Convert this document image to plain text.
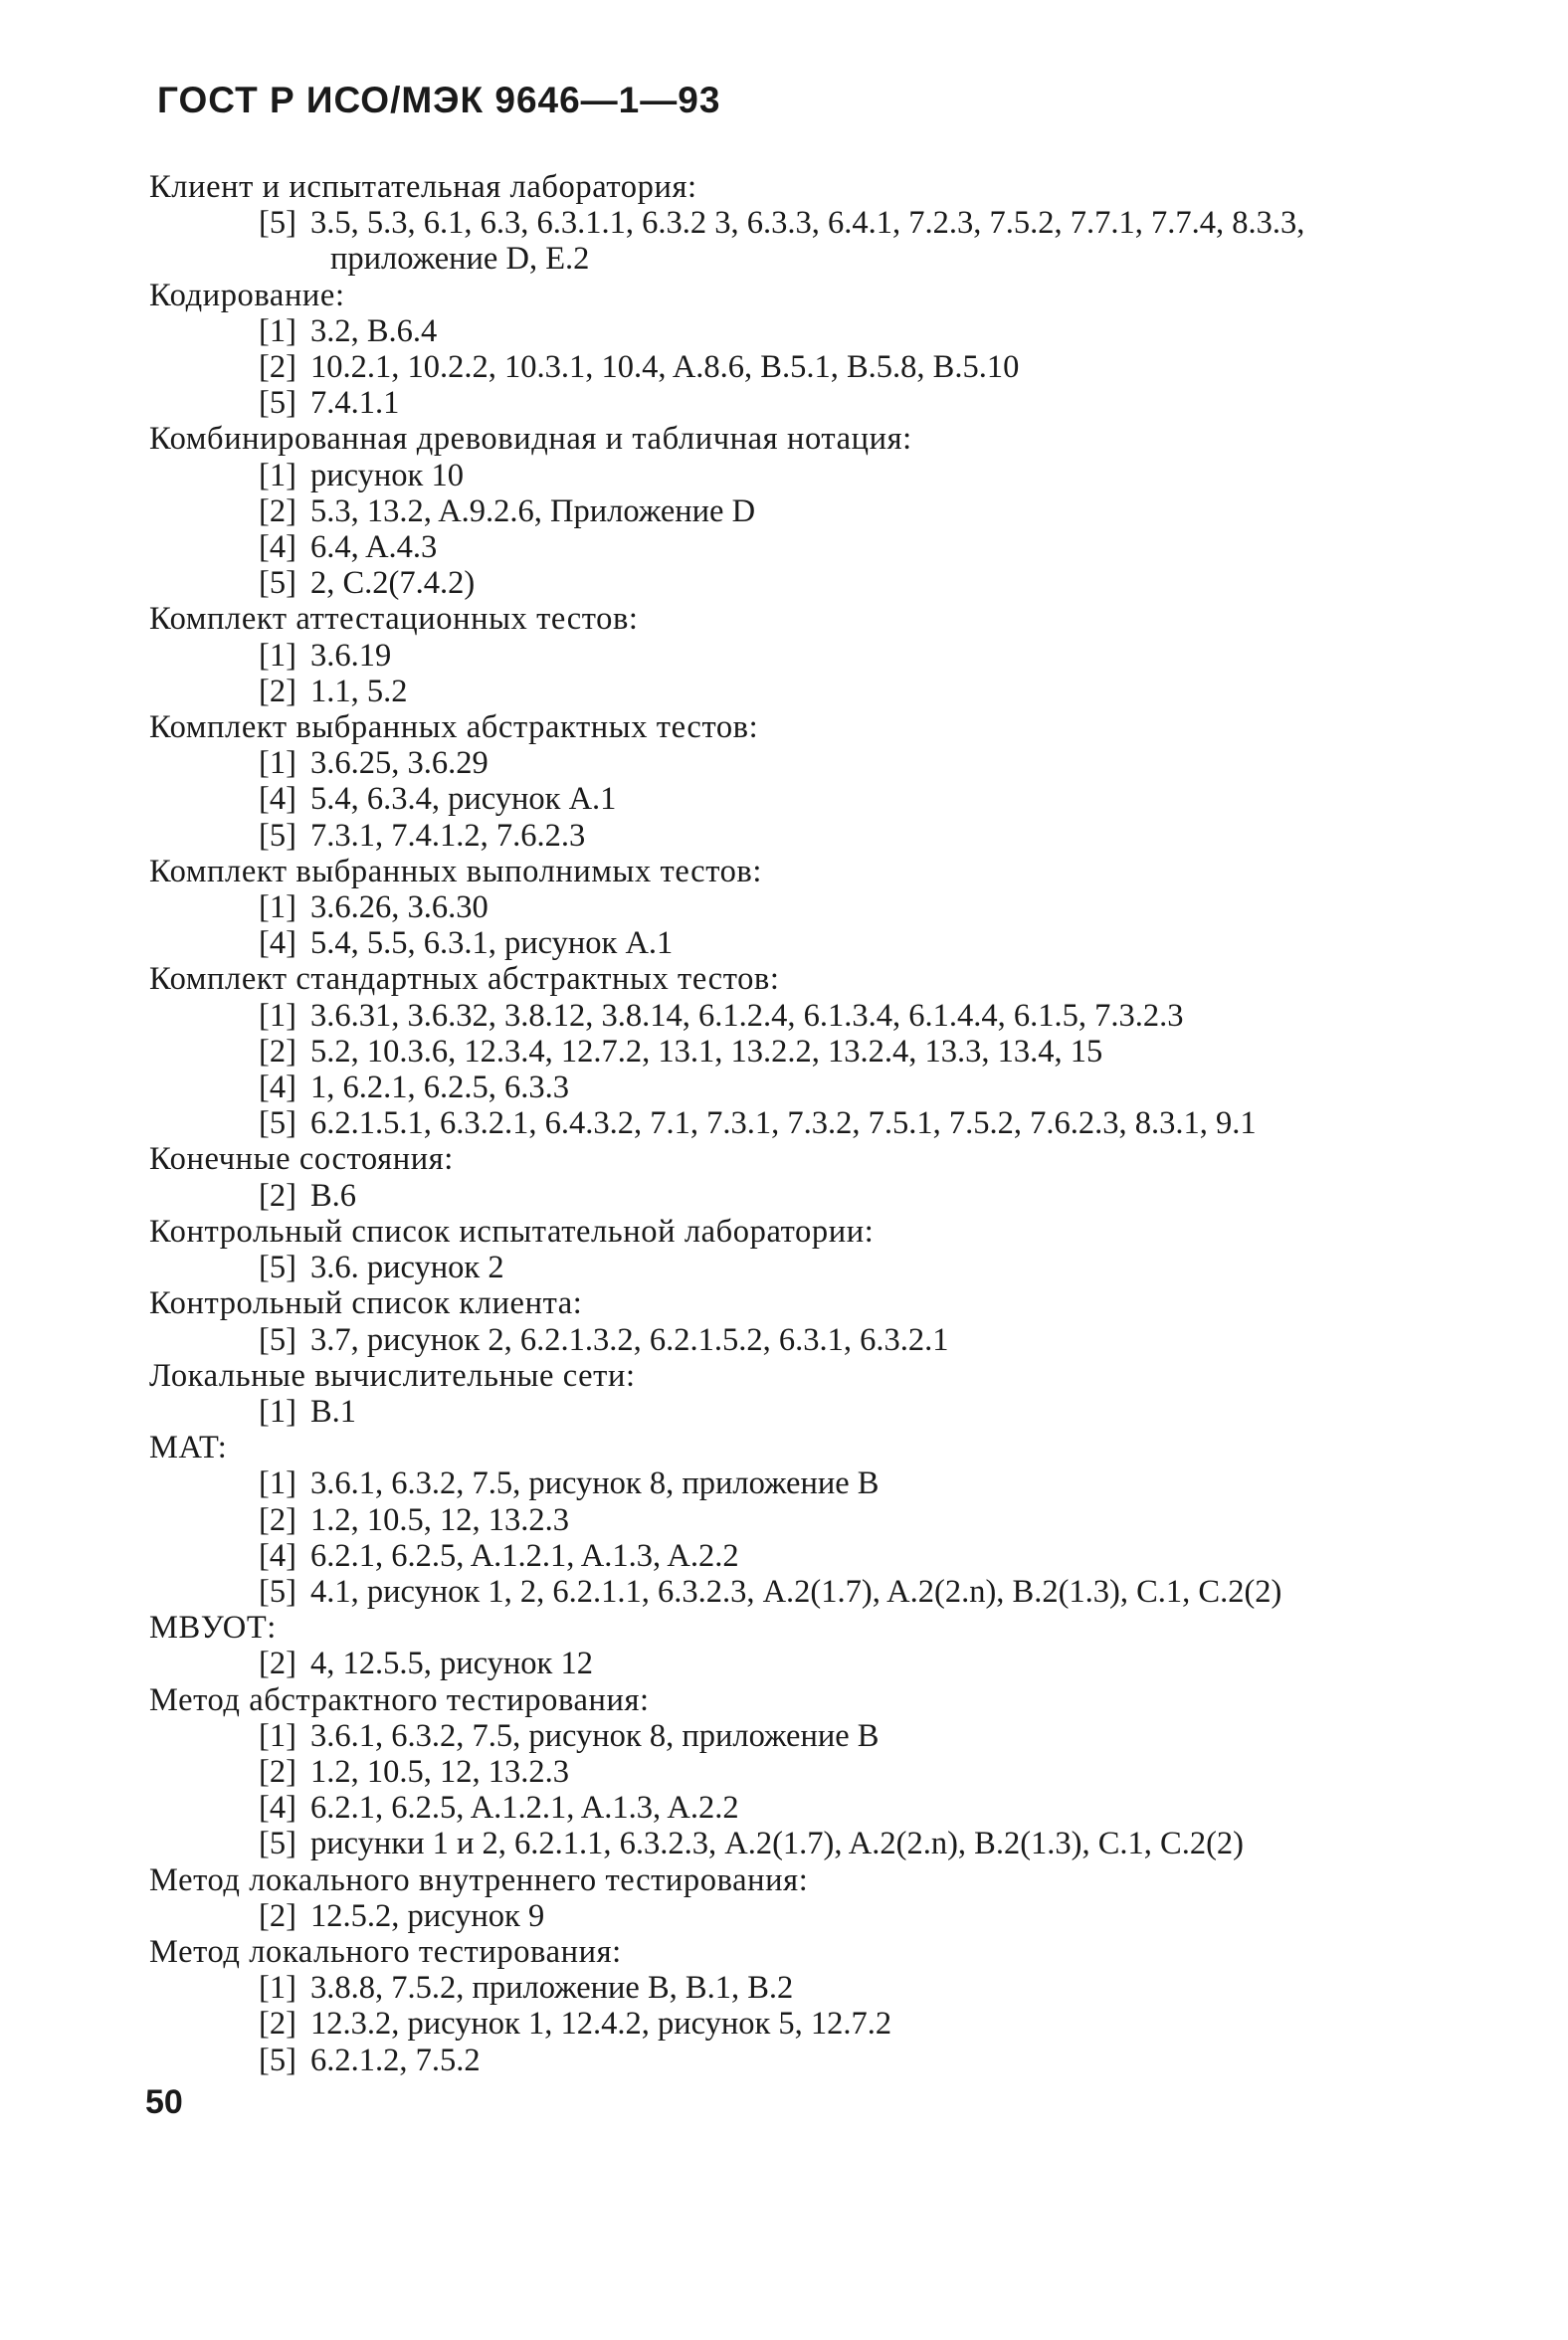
ГОСТ Р ИСО/МЭК 9646—1—93
Клиент и испытательная лаборатория:
[5] 3.5, 5.3, 6.1, 6.3, 6.3.1.1, 6.3.2 3, 6.3.3, 6.4.1, 7.2.3, 7.5.2, 7.7.1, 7.7.4, 8.3.3,
приложение D, E.2
Кодирование:
[1] 3.2, B.6.4
[2] 10.2.1, 10.2.2, 10.3.1, 10.4, A.8.6, B.5.1, B.5.8, B.5.10
[5] 7.4.1.1
Комбинированная древовидная и табличная нотация:
[1] рисунок 10
[2] 5.3, 13.2, A.9.2.6, Приложение D
[4] 6.4, A.4.3
[5] 2, C.2(7.4.2)
Комплект аттестационных тестов:
[1] 3.6.19
[2] 1.1, 5.2
Комплект выбранных абстрактных тестов:
[1] 3.6.25, 3.6.29
[4] 5.4, 6.3.4, рисунок A.1
[5] 7.3.1, 7.4.1.2, 7.6.2.3
Комплект выбранных выполнимых тестов:
[1] 3.6.26, 3.6.30
[4] 5.4, 5.5, 6.3.1, рисунок A.1
Комплект стандартных абстрактных тестов:
[1] 3.6.31, 3.6.32, 3.8.12, 3.8.14, 6.1.2.4, 6.1.3.4, 6.1.4.4, 6.1.5, 7.3.2.3
[2] 5.2, 10.3.6, 12.3.4, 12.7.2, 13.1, 13.2.2, 13.2.4, 13.3, 13.4, 15
[4] 1, 6.2.1, 6.2.5, 6.3.3
[5] 6.2.1.5.1, 6.3.2.1, 6.4.3.2, 7.1, 7.3.1, 7.3.2, 7.5.1, 7.5.2, 7.6.2.3, 8.3.1, 9.1
Конечные состояния:
[2] B.6
Контрольный список испытательной лаборатории:
[5] 3.6. рисунок 2
Контрольный список клиента:
[5] 3.7, рисунок 2, 6.2.1.3.2, 6.2.1.5.2, 6.3.1, 6.3.2.1
Локальные вычислительные сети:
[1] B.1
MAT:
[1] 3.6.1, 6.3.2, 7.5, рисунок 8, приложение B
[2] 1.2, 10.5, 12, 13.2.3
[4] 6.2.1, 6.2.5, A.1.2.1, A.1.3, A.2.2
[5] 4.1, рисунок 1, 2, 6.2.1.1, 6.3.2.3, A.2(1.7), A.2(2.n), B.2(1.3), C.1, C.2(2)
MBУОТ:
[2] 4, 12.5.5, рисунок 12
Метод абстрактного тестирования:
[1] 3.6.1, 6.3.2, 7.5, рисунок 8, приложение B
[2] 1.2, 10.5, 12, 13.2.3
[4] 6.2.1, 6.2.5, A.1.2.1, A.1.3, A.2.2
[5] рисунки 1 и 2, 6.2.1.1, 6.3.2.3, A.2(1.7), A.2(2.n), B.2(1.3), C.1, C.2(2)
Метод локального внутреннего тестирования:
[2] 12.5.2, рисунок 9
Метод локального тестирования:
[1] 3.8.8, 7.5.2, приложение B, B.1, B.2
[2] 12.3.2, рисунок 1, 12.4.2, рисунок 5, 12.7.2
[5] 6.2.1.2, 7.5.2
50
